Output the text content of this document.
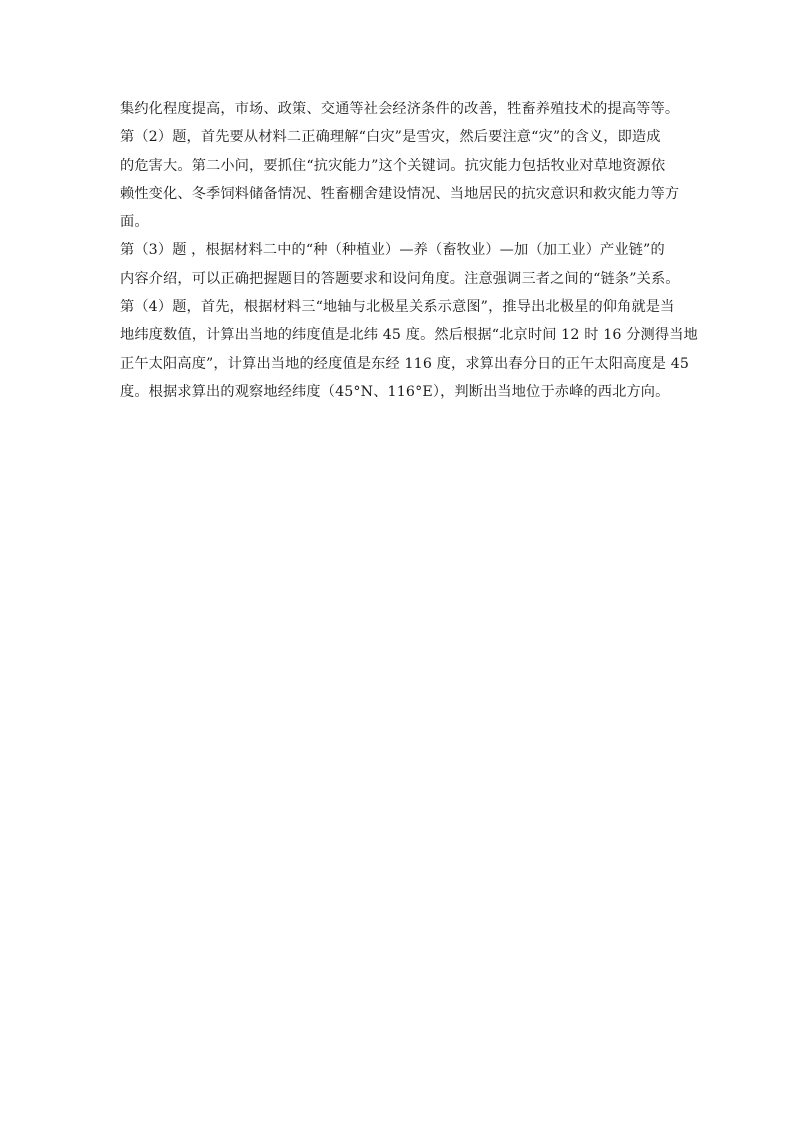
集约化程度提高，市场、政策、交通等社会经济条件的改善，牲畜养殖技术的提高等等。
第（2）题，首先要从材料二正确理解“白灾”是雪灾，然后要注意“灾”的含义，即造成
的危害大。第二小问，要抓住“抗灾能力”这个关键词。抗灾能力包括牧业对草地资源依
赖性变化、冬季饲料储备情况、牲畜棚舍建设情况、当地居民的抗灾意识和救灾能力等方
面。
第（3）题 ，根据材料二中的“种（种植业）—养（畜牧业）—加（加工业）产业链”的
内容介绍，可以正确把握题目的答题要求和设问角度。注意强调三者之间的“链条”关系。
第（4）题，首先，根据材料三“地轴与北极星关系示意图”，推导出北极星的仰角就是当
地纬度数值，计算出当地的纬度值是北纬 45 度。然后根据“北京时间 12 时 16 分测得当地
正午太阳高度”，计算出当地的经度值是东经 116 度，求算出春分日的正午太阳高度是 45
度。根据求算出的观察地经纬度（45°N、116°E），判断出当地位于赤峰的西北方向。
